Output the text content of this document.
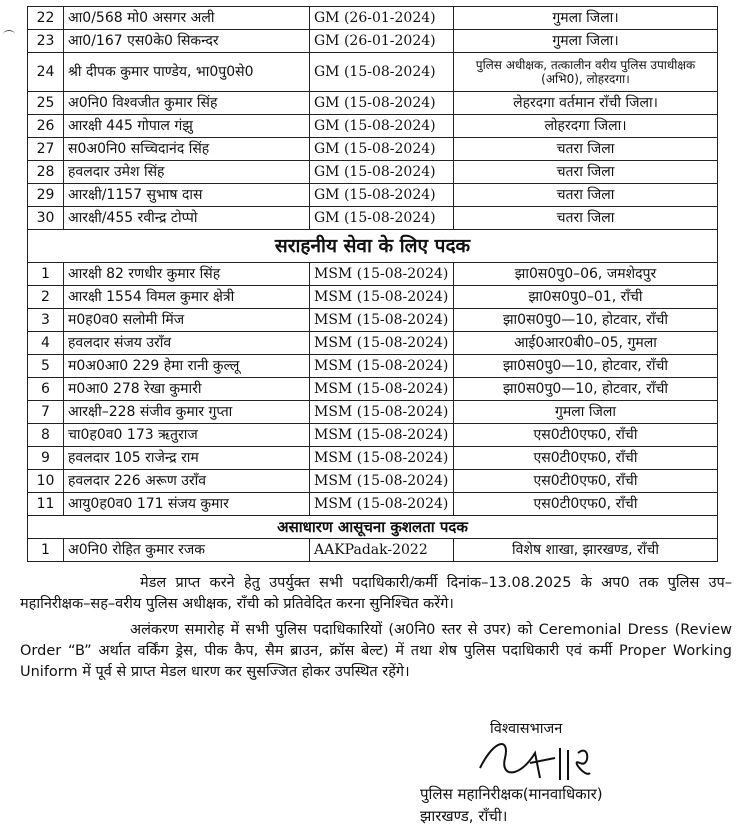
22	आ0/568 मो0 असगर अली	GM (26-01-2024)	गुमला जिला।
23	आ0/167 एस0के0 सिकन्दर	GM (26-01-2024)	गुमला जिला।
24	श्री दीपक कुमार पाण्डेय, भा0पु0से0	GM (15-08-2024)	पुलिस अधीक्षक, तत्कालीन वरीय पुलिस उपाधीक्षक (अभि0), लोहरदगा।
25	अ0नि0 विश्वजीत कुमार सिंह	GM (15-08-2024)	लेहरदगा वर्तमान राँची जिला।
26	आरक्षी 445 गोपाल गंझु	GM (15-08-2024)	लोहरदगा जिला।
27	स0अ0नि0 सच्चिदानंद सिंह	GM (15-08-2024)	चतरा जिला
28	हवलदार उमेश सिंह	GM (15-08-2024)	चतरा जिला
29	आरक्षी/1157 सुभाष दास	GM (15-08-2024)	चतरा जिला
30	आरक्षी/455 रवीन्द्र टोप्पो	GM (15-08-2024)	चतरा जिला
सराहनीय सेवा के लिए पदक			
1	आरक्षी 82 रणधीर कुमार सिंह	MSM (15-08-2024)	झा0स0पु0–06, जमशेदपुर
2	आरक्षी 1554 विमल कुमार क्षेत्री	MSM (15-08-2024)	झा0स0पु0–01, राँची
3	म0ह0व0 सलोमी मिंज	MSM (15-08-2024)	झा0स0पु0—10, होटवार, राँची
4	हवलदार संजय उराँव	MSM (15-08-2024)	आई0आर0बी0–05, गुमला
5	म0अ0आ0 229 हेमा रानी कुल्लू	MSM (15-08-2024)	झा0स0पु0—10, होटवार, राँची
6	म0आ0 278 रेखा कुमारी	MSM (15-08-2024)	झा0स0पु0—10, होटवार, राँची
7	आरक्षी–228 संजीव कुमार गुप्ता	MSM (15-08-2024)	गुमला जिला
8	चा0ह0व0 173 ऋतुराज	MSM (15-08-2024)	एस0टी0एफ0, राँची
9	हवलदार 105 राजेन्द्र राम	MSM (15-08-2024)	एस0टी0एफ0, राँची
10	हवलदार 226 अरूण उराँव	MSM (15-08-2024)	एस0टी0एफ0, राँची
11	आयु0ह0व0 171 संजय कुमार	MSM (15-08-2024)	एस0टी0एफ0, राँची
असाधारण आसूचना कुशलता पदक			
1	अ0नि0 रोहित कुमार रजक	AAKPadak-2022	विशेष शाखा, झारखण्ड, राँची
मेडल प्राप्त करने हेतु उपर्युक्त सभी पदाधिकारी/कर्मी दिनांक–13.08.2025 के अप0 तक पुलिस उप–महानिरीक्षक–सह–वरीय पुलिस अधीक्षक, राँची को प्रतिवेदित करना सुनिश्चित करेंगे।
अलंकरण समारोह में सभी पुलिस पदाधिकारियों (अ0नि0 स्तर से उपर) को Ceremonial Dress (Review Order “B” अर्थात वर्किंग ड्रेस, पीक कैप, सैम ब्राउन, क्रॉस बेल्ट) में तथा शेष पुलिस पदाधिकारी एवं कर्मी Proper Working Uniform में पूर्व से प्राप्त मेडल धारण कर सुसज्जित होकर उपस्थित रहेंगे।
विश्वासभाजन
पुलिस महानिरीक्षक(मानवाधिकार)
झारखण्ड, राँची।
